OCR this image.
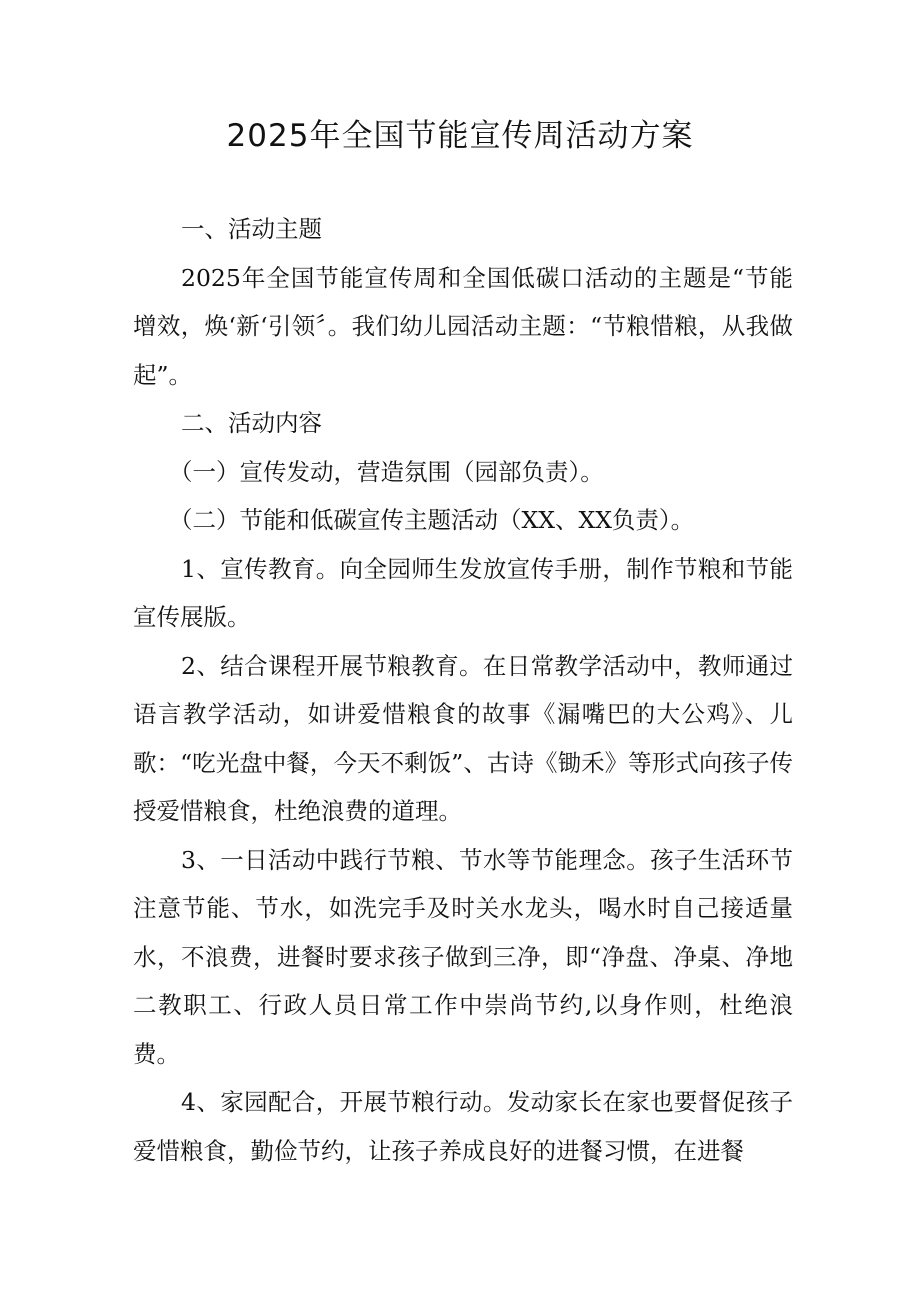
2025年全国节能宣传周活动方案

一、活动主题

2025年全国节能宣传周和全国低碳口活动的主题是“节能增效，焕‘新‘引领〞。我们幼儿园活动主题：“节粮惜粮，从我做起”。

二、活动内容

（一）宣传发动，营造氛围（园部负责）。

（二）节能和低碳宣传主题活动（XX、XX负责）。

1、宣传教育。向全园师生发放宣传手册，制作节粮和节能宣传展版。

2、结合课程开展节粮教育。在日常教学活动中，教师通过语言教学活动，如讲爱惜粮食的故事《漏嘴巴的大公鸡》、儿歌：“吃光盘中餐，今天不剩饭”、古诗《锄禾》等形式向孩子传授爱惜粮食，杜绝浪费的道理。

3、一日活动中践行节粮、节水等节能理念。孩子生活环节注意节能、节水，如洗完手及时关水龙头，喝水时自己接适量水，不浪费，进餐时要求孩子做到三净，即“净盘、净桌、净地二教职工、行政人员日常工作中崇尚节约,以身作则，杜绝浪费。

4、家园配合，开展节粮行动。发动家长在家也要督促孩子爱惜粮食，勤俭节约，让孩子养成良好的进餐习惯，在进餐
